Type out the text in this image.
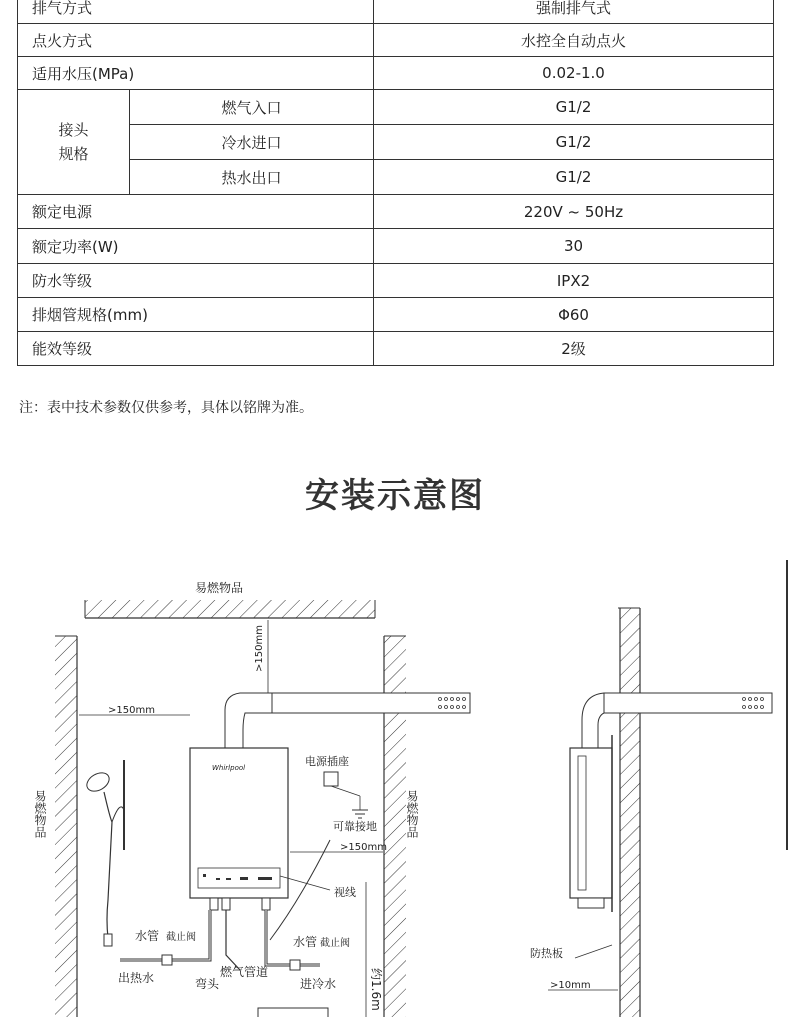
排气方式		强制排气式
点火方式		水控全自动点火
适用水压(MPa)		0.02-1.0
接头
规格	燃气入口	G1/2
	冷水进口	G1/2
	热水出口	G1/2
额定电源		220V ~ 50Hz
额定功率(W)		30
防水等级		IPX2
排烟管规格(mm)		Φ60
能效等级		2级
注：表中技术参数仅供参考，具体以铭牌为准。
安装示意图
易燃物品
易燃物品	易燃物品
>150mm
>150mm
Whirlpool	电源插座
可靠接地
>150mm
视线
水管 截止阀
出热水	弯头
燃气管道
水管 截止阀
进冷水	约1.6m
防热板
>10mm
